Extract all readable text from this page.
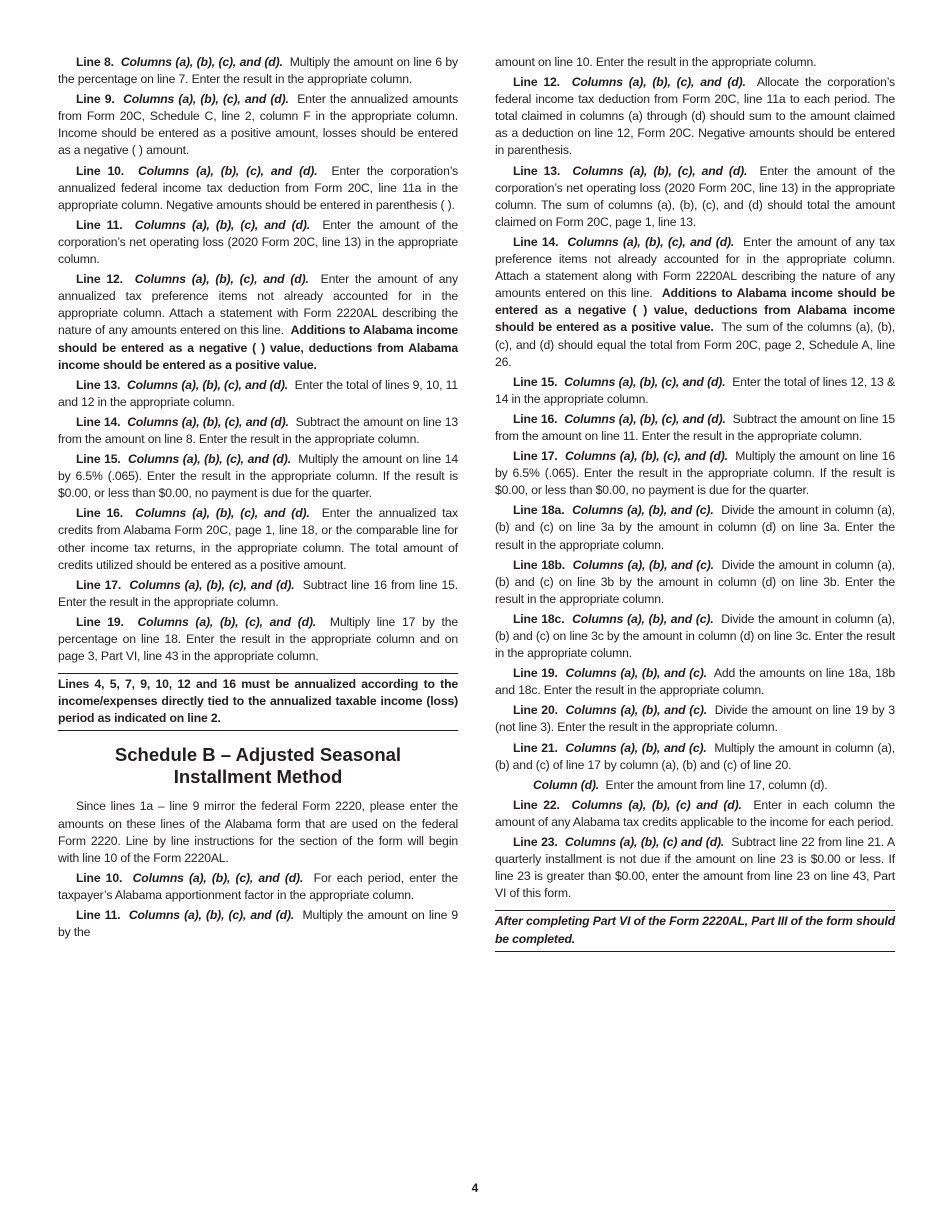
Line 8. Columns (a), (b), (c), and (d). Multiply the amount on line 6 by the percentage on line 7. Enter the result in the appropriate column.

Line 9. Columns (a), (b), (c), and (d). Enter the annualized amounts from Form 20C, Schedule C, line 2, column F in the appropriate column. Income should be entered as a positive amount, losses should be entered as a negative ( ) amount.

Line 10. Columns (a), (b), (c), and (d). Enter the corporation’s annualized federal income tax deduction from Form 20C, line 11a in the appropriate column. Negative amounts should be entered in parenthesis ( ).

Line 11. Columns (a), (b), (c), and (d). Enter the amount of the corporation’s net operating loss (2020 Form 20C, line 13) in the appropriate column.

Line 12. Columns (a), (b), (c), and (d). Enter the amount of any annualized tax preference items not already accounted for in the appropriate column. Attach a statement with Form 2220AL describing the nature of any amounts entered on this line. Additions to Alabama income should be entered as a negative ( ) value, deductions from Alabama income should be entered as a positive value.

Line 13. Columns (a), (b), (c), and (d). Enter the total of lines 9, 10, 11 and 12 in the appropriate column.

Line 14. Columns (a), (b), (c), and (d). Subtract the amount on line 13 from the amount on line 8. Enter the result in the appropriate column.

Line 15. Columns (a), (b), (c), and (d). Multiply the amount on line 14 by 6.5% (.065). Enter the result in the appropriate column. If the result is $0.00, or less than $0.00, no payment is due for the quarter.

Line 16. Columns (a), (b), (c), and (d). Enter the annualized tax credits from Alabama Form 20C, page 1, line 18, or the comparable line for other income tax returns, in the appropriate column. The total amount of credits utilized should be entered as a positive amount.

Line 17. Columns (a), (b), (c), and (d). Subtract line 16 from line 15. Enter the result in the appropriate column.

Line 19. Columns (a), (b), (c), and (d). Multiply line 17 by the percentage on line 18. Enter the result in the appropriate column and on page 3, Part VI, line 43 in the appropriate column.

Lines 4, 5, 7, 9, 10, 12 and 16 must be annualized according to the income/expenses directly tied to the annualized taxable income (loss) period as indicated on line 2.
Schedule B – Adjusted Seasonal
Installment Method

Since lines 1a – line 9 mirror the federal Form 2220, please enter the amounts on these lines of the Alabama form that are used on the federal Form 2220. Line by line instructions for the section of the form will begin with line 10 of the Form 2220AL.

Line 10. Columns (a), (b), (c), and (d). For each period, enter the taxpayer’s Alabama apportionment factor in the appropriate column.

Line 11. Columns (a), (b), (c), and (d). Multiply the amount on line 9 by the

amount on line 10. Enter the result in the appropriate column.

Line 12. Columns (a), (b), (c), and (d). Allocate the corporation’s federal income tax deduction from Form 20C, line 11a to each period. The total claimed in columns (a) through (d) should sum to the amount claimed as a deduction on line 12, Form 20C. Negative amounts should be entered in parenthesis.

Line 13. Columns (a), (b), (c), and (d). Enter the amount of the corporation’s net operating loss (2020 Form 20C, line 13) in the appropriate column. The sum of columns (a), (b), (c), and (d) should total the amount claimed on Form 20C, page 1, line 13.

Line 14. Columns (a), (b), (c), and (d). Enter the amount of any tax preference items not already accounted for in the appropriate column. Attach a statement along with Form 2220AL describing the nature of any amounts entered on this line. Additions to Alabama income should be entered as a negative ( ) value, deductions from Alabama income should be entered as a positive value. The sum of the columns (a), (b), (c), and (d) should equal the total from Form 20C, page 2, Schedule A, line 26.

Line 15. Columns (a), (b), (c), and (d). Enter the total of lines 12, 13 & 14 in the appropriate column.

Line 16. Columns (a), (b), (c), and (d). Subtract the amount on line 15 from the amount on line 11. Enter the result in the appropriate column.

Line 17. Columns (a), (b), (c), and (d). Multiply the amount on line 16 by 6.5% (.065). Enter the result in the appropriate column. If the result is $0.00, or less than $0.00, no payment is due for the quarter.

Line 18a. Columns (a), (b), and (c). Divide the amount in column (a), (b) and (c) on line 3a by the amount in column (d) on line 3a. Enter the result in the appropriate column.

Line 18b. Columns (a), (b), and (c). Divide the amount in column (a), (b) and (c) on line 3b by the amount in column (d) on line 3b. Enter the result in the appropriate column.

Line 18c. Columns (a), (b), and (c). Divide the amount in column (a), (b) and (c) on line 3c by the amount in column (d) on line 3c. Enter the result in the appropriate column.

Line 19. Columns (a), (b), and (c). Add the amounts on line 18a, 18b and 18c. Enter the result in the appropriate column.

Line 20. Columns (a), (b), and (c). Divide the amount on line 19 by 3 (not line 3). Enter the result in the appropriate column.

Line 21. Columns (a), (b), and (c). Multiply the amount in column (a), (b) and (c) of line 17 by column (a), (b) and (c) of line 20.

Column (d). Enter the amount from line 17, column (d).

Line 22. Columns (a), (b), (c) and (d). Enter in each column the amount of any Alabama tax credits applicable to the income for each period.

Line 23. Columns (a), (b), (c) and (d). Subtract line 22 from line 21. A quarterly installment is not due if the amount on line 23 is $0.00 or less. If line 23 is greater than $0.00, enter the amount from line 23 on line 43, Part VI of this form.

After completing Part VI of the Form 2220AL, Part III of the form should be completed.
4
